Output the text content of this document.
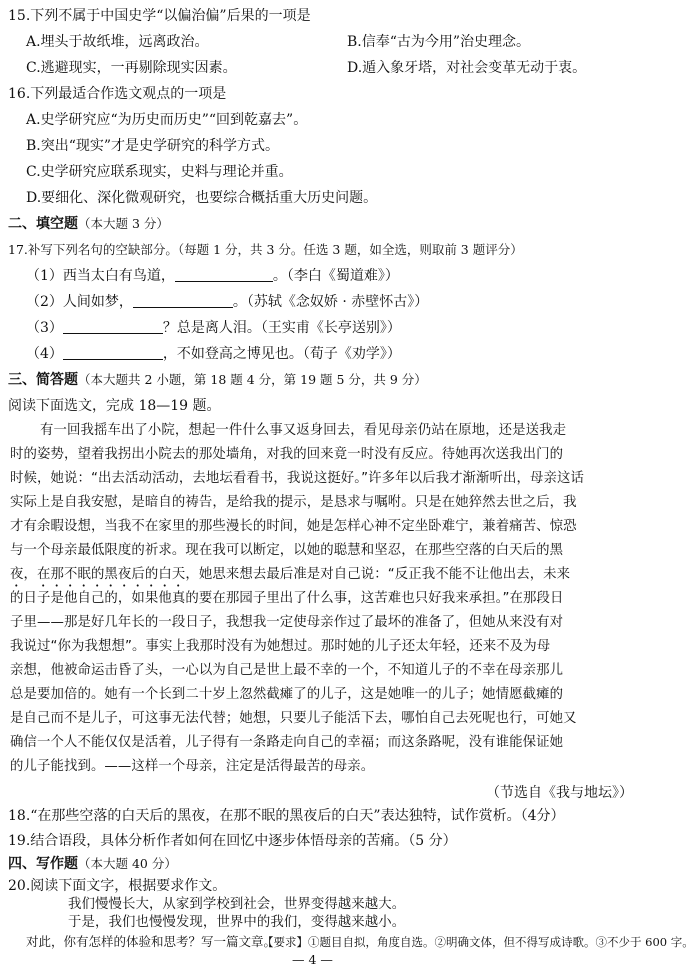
15.下列不属于中国史学“以偏治偏”后果的一项是
A.埋头于故纸堆，远离政治。	B.信奉“古为今用”治史理念。
C.逃避现实，一再剔除现实因素。	D.遁入象牙塔，对社会变革无动于衷。
16.下列最适合作选文观点的一项是
A.史学研究应“为历史而历史”“回到乾嘉去”。
B.突出“现实”才是史学研究的科学方式。
C.史学研究应联系现实，史料与理论并重。
D.要细化、深化微观研究，也要综合概括重大历史问题。
二、填空题（本大题 3 分）
17.补写下列名句的空缺部分。（每题 1 分，共 3 分。任选 3 题，如全选，则取前 3 题评分）
（1）西当太白有鸟道，	。（李白《蜀道难》）
（2）人间如梦，	。（苏轼《念奴娇 · 赤壁怀古》）
（3）	？总是离人泪。（王实甫《长亭送别》）
（4）	，不如登高之博见也。（荀子《劝学》）
三、简答题（本大题共 2 小题，第 18 题 4 分，第 19 题 5 分，共 9 分）
阅读下面选文，完成 18—19 题。
有一回我摇车出了小院，想起一件什么事又返身回去，看见母亲仍站在原地，还是送我走
时的姿势，望着我拐出小院去的那处墙角，对我的回来竟一时没有反应。待她再次送我出门的
时候，她说：“出去活动活动，去地坛看看书，我说这挺好。”许多年以后我才渐渐听出，母亲这话
实际上是自我安慰，是暗自的祷告，是给我的提示，是恳求与嘱咐。只是在她猝然去世之后，我
才有余暇设想，当我不在家里的那些漫长的时间，她是怎样心神不定坐卧难宁，兼着痛苦、惊恐
与一个母亲最低限度的祈求。现在我可以断定，以她的聪慧和坚忍，在那些空落的白天后的黑
夜，在那不眠的黑夜后的白天，她思来想去最后准是对自己说：“反正我不能不让他出去，未来
的日子是他自己的，如果他真的要在那园子里出了什么事，这苦难也只好我来承担。”在那段日
子里——那是好几年长的一段日子，我想我一定使母亲作过了最坏的准备了，但她从来没有对
我说过“你为我想想”。事实上我那时没有为她想过。那时她的儿子还太年轻，还来不及为母
亲想，他被命运击昏了头，一心以为自己是世上最不幸的一个，不知道儿子的不幸在母亲那儿
总是要加倍的。她有一个长到二十岁上忽然截瘫了的儿子，这是她唯一的儿子；她情愿截瘫的
是自己而不是儿子，可这事无法代替；她想，只要儿子能活下去，哪怕自己去死呢也行，可她又
确信一个人不能仅仅是活着，儿子得有一条路走向自己的幸福；而这条路呢，没有谁能保证她
的儿子能找到。——这样一个母亲，注定是活得最苦的母亲。
（节选自《我与地坛》）
18.“在那些空落的白天后的黑夜，在那不眠的黑夜后的白天”表达独特，试作赏析。（4分）
19.结合语段，具体分析作者如何在回忆中逐步体悟母亲的苦痛。（5 分）
四、写作题（本大题 40 分）
20.阅读下面文字，根据要求作文。
我们慢慢长大，从家到学校到社会，世界变得越来越大。
于是，我们也慢慢发现，世界中的我们，变得越来越小。
对此，你有怎样的体验和思考？写一篇文章。
【要求】①题目自拟，角度自选。②明确文体，但不得写成诗歌。③不少于 600 字。
— 4 —
